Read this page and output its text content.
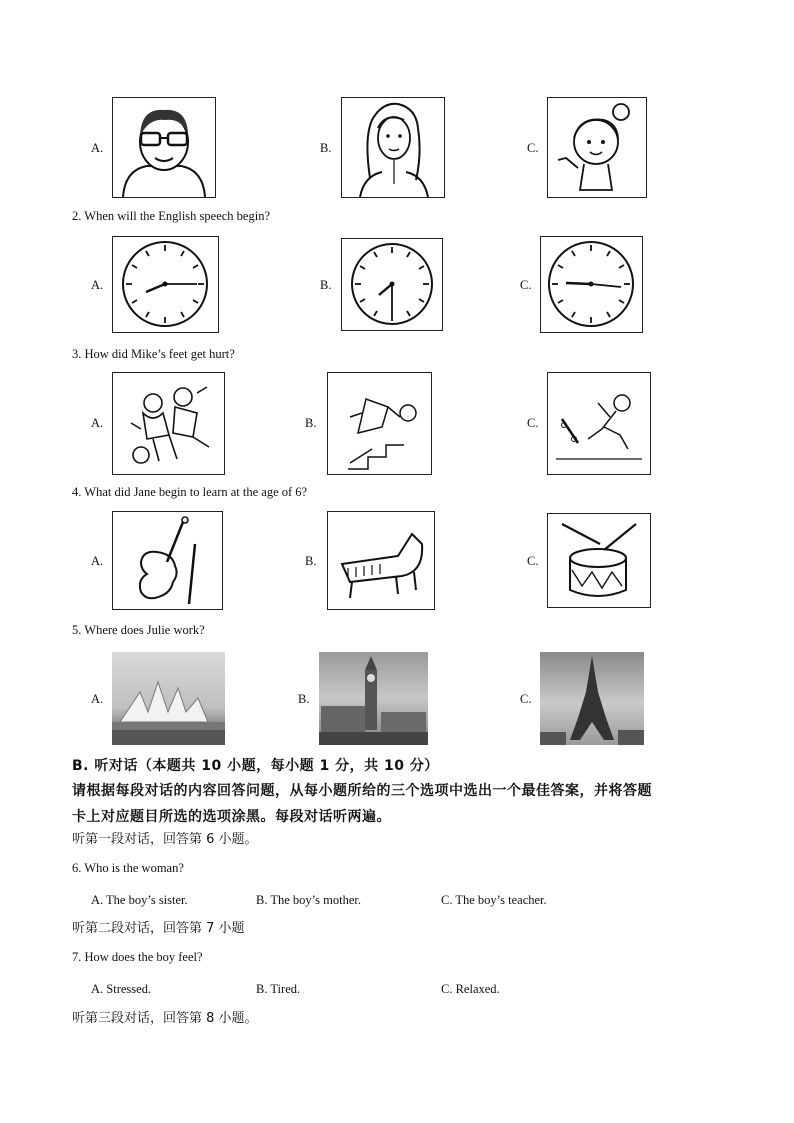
A.	B.	C.
2. When will the English speech begin?
A.	B.	C.
3. How did Mike’s feet get hurt?
A.	B.	C.
4. What did Jane begin to learn at the age of 6?
A.	B.	C.
5. Where does Julie work?
A.	B.	C.
B. 听对话（本题共 10 小题，每小题 1 分，共 10 分）
请根据每段对话的内容回答问题，从每小题所给的三个选项中选出一个最佳答案，并将答题
卡上对应题目所选的选项涂黑。每段对话听两遍。
听第一段对话，回答第 6 小题。
6. Who is the woman?
A. The boy’s sister.	B. The boy’s mother.	C. The boy’s teacher.
听第二段对话，回答第 7 小题
7. How does the boy feel?
A. Stressed.	B. Tired.	C. Relaxed.
听第三段对话，回答第 8 小题。
